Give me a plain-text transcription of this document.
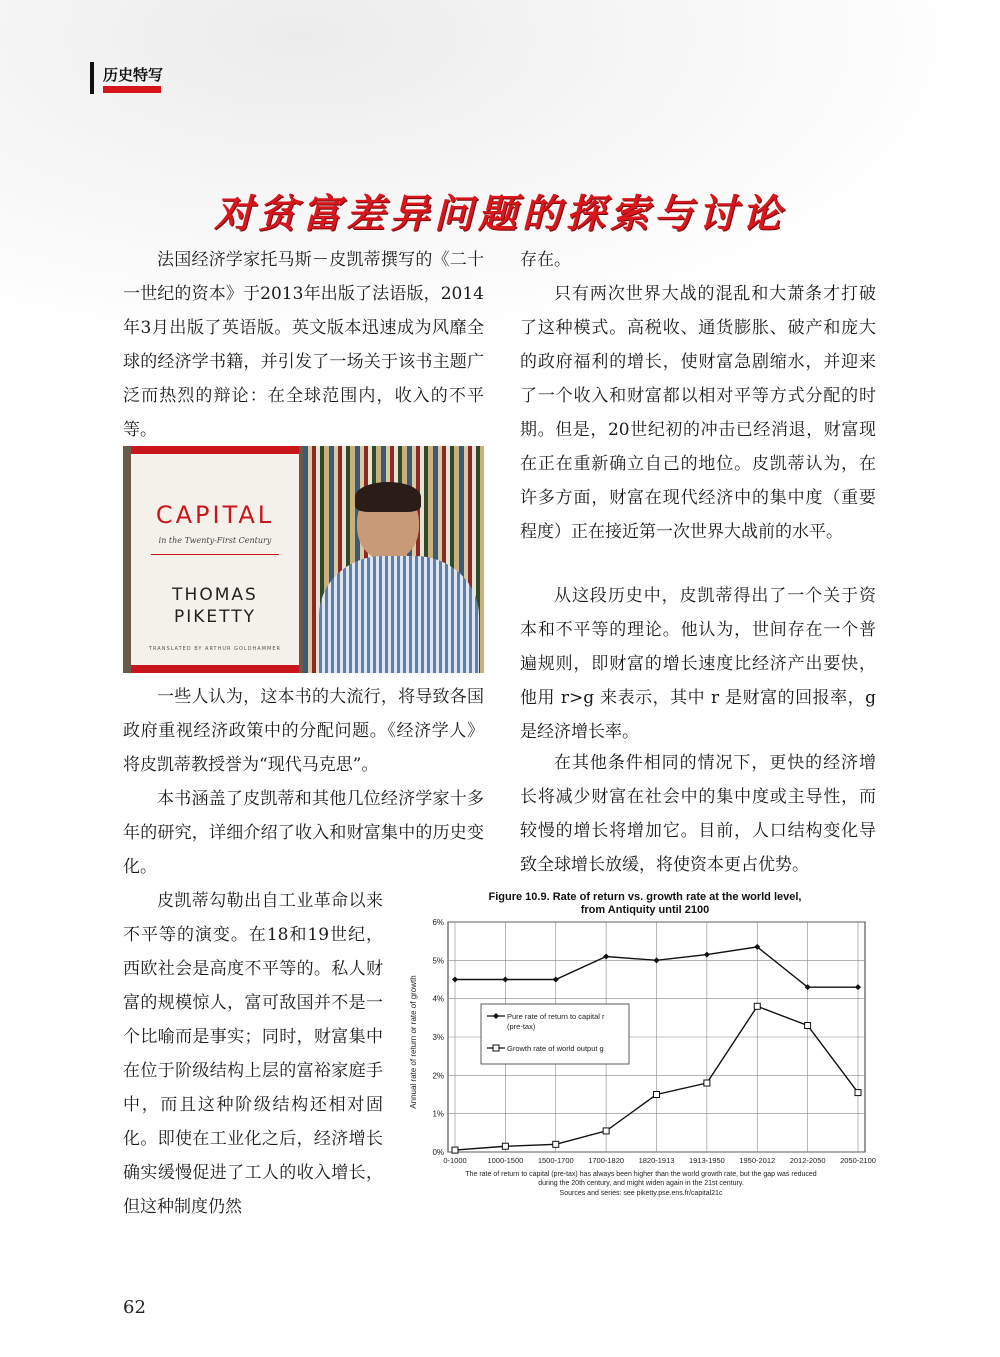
历史特写
对贫富差异问题的探索与讨论

法国经济学家托马斯－皮凯蒂撰写的《二十一世纪的资本》于2013年出版了法语版，2014年3月出版了英语版。英文版本迅速成为风靡全球的经济学书籍，并引发了一场关于该书主题广泛而热烈的辩论：在全球范围内，收入的不平等。

CAPITAL
in the Twenty-First Century
THOMAS
PIKETTY
TRANSLATED BY ARTHUR GOLDHAMMER

一些人认为，这本书的大流行，将导致各国政府重视经济政策中的分配问题。《经济学人》将皮凯蒂教授誉为“现代马克思”。

本书涵盖了皮凯蒂和其他几位经济学家十多年的研究，详细介绍了收入和财富集中的历史变化。

皮凯蒂勾勒出自工业革命以来不平等的演变。在18和19世纪，西欧社会是高度不平等的。私人财富的规模惊人，富可敌国并不是一个比喻而是事实；同时，财富集中在位于阶级结构上层的富裕家庭手中，而且这种阶级结构还相对固化。即使在工业化之后，经济增长确实缓慢促进了工人的收入增长，但这种制度仍然

存在。

只有两次世界大战的混乱和大萧条才打破了这种模式。高税收、通货膨胀、破产和庞大的政府福利的增长，使财富急剧缩水，并迎来了一个收入和财富都以相对平等方式分配的时期。但是，20世纪初的冲击已经消退，财富现在正在重新确立自己的地位。皮凯蒂认为，在许多方面，财富在现代经济中的集中度（重要程度）正在接近第一次世界大战前的水平。

从这段历史中，皮凯蒂得出了一个关于资本和不平等的理论。他认为，世间存在一个普遍规则，即财富的增长速度比经济产出要快，他用 r>g 来表示，其中 r 是财富的回报率，g 是经济增长率。

在其他条件相同的情况下，更快的经济增长将减少财富在社会中的集中度或主导性，而较慢的增长将增加它。目前，人口结构变化导致全球增长放缓，将使资本更占优势。

Figure 10.9. Rate of return vs. growth rate at the world level,
from Antiquity until 2100
0%
1%
2%
3%
4%
5%
6%
0-1000	1000-1500 1500-1700 1700-1820 1820-1913 1913-1950 1950-2012 2012-2050 2050-2100
Annual rate of return or rate of growth	Pure rate of return to capital r
(pre-tax)
Growth rate of world output g
The rate of return to capital (pre-tax) has always been higher than the world growth rate, but the gap was reduced
during the 20th century, and might widen again in the 21st century.
Sources and series: see piketty.pse.ens.fr/capital21c
62
